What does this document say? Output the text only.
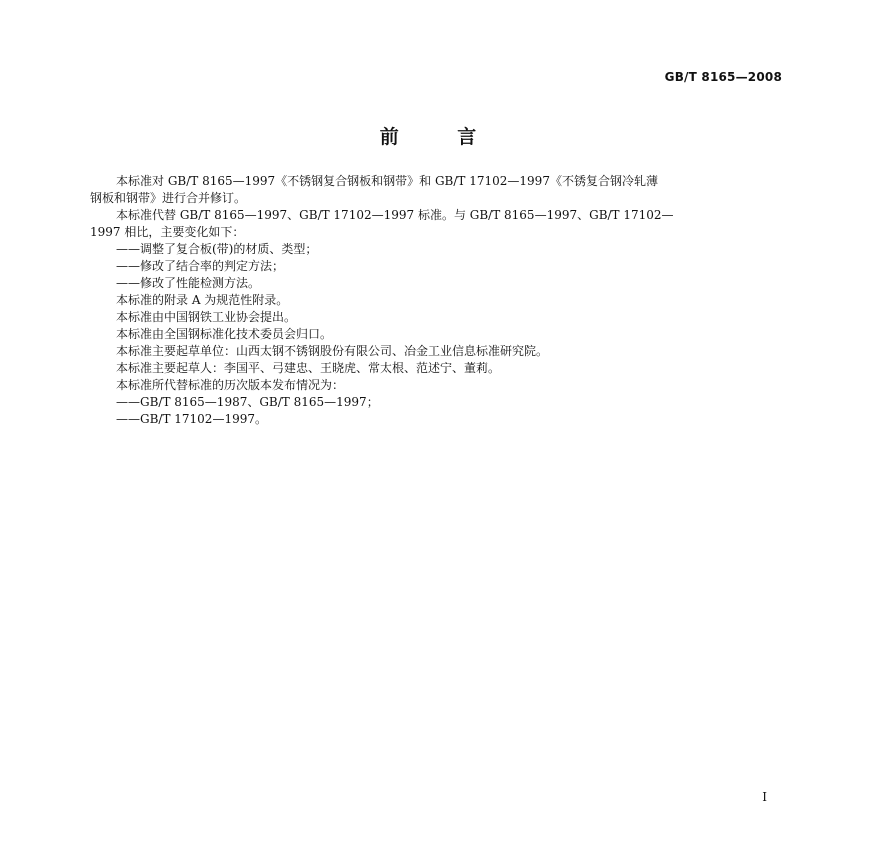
GB/T 8165—2008
前 言

本标准对 GB/T 8165—1997《不锈钢复合钢板和钢带》和 GB/T 17102—1997《不锈复合钢冷轧薄

钢板和钢带》进行合并修订。

本标准代替 GB/T 8165—1997、GB/T 17102—1997 标准。与 GB/T 8165—1997、GB/T 17102—

1997 相比，主要变化如下：

——调整了复合板(带)的材质、类型；

——修改了结合率的判定方法；

——修改了性能检测方法。

本标准的附录 A 为规范性附录。

本标准由中国钢铁工业协会提出。

本标准由全国钢标准化技术委员会归口。

本标准主要起草单位：山西太钢不锈钢股份有限公司、冶金工业信息标准研究院。

本标准主要起草人：李国平、弓建忠、王晓虎、常太根、范述宁、董莉。

本标准所代替标准的历次版本发布情况为：

——GB/T 8165—1987、GB/T 8165—1997；

——GB/T 17102—1997。

I
